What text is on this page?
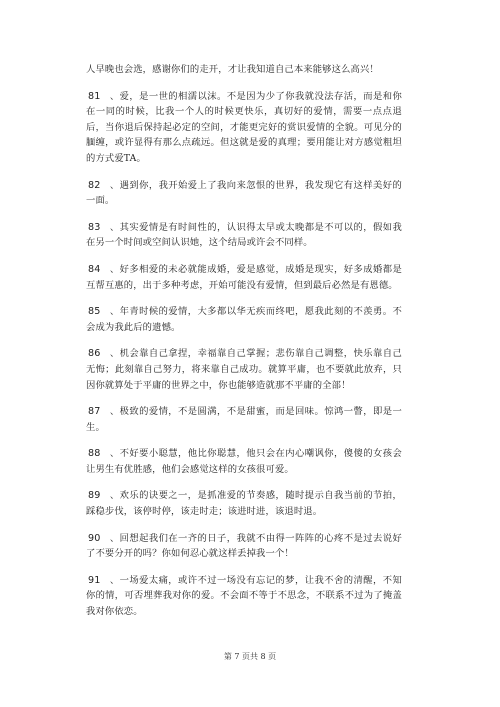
人早晚也会选，感谢你们的走开，才让我知道自己本来能够这么高兴！

81 、爱，是一世的相濡以沫。不是因为少了你我就没法存活，而是和你在一同的时候，比我一个人的时候更快乐，真切好的爱情，需要一点点退后，当你退后保持起必定的空间，才能更完好的赏识爱情的全貌。可见分的腼缠，或许显得有那么点疏远。但这就是爱的真理；要用能让对方感觉粗坦的方式爱TA。

82 、遇到你，我开始爱上了我向来忽恨的世界，我发现它有这样美好的一面。

83 、其实爱情是有时间性的，认识得太早或太晚都是不可以的，假如我在另一个时间或空间认识她，这个结局或许会不同样。

84 、好多相爱的未必就能成婚，爱是感觉，成婚是现实，好多成婚都是互帮互惠的，出于多种考虑，开始可能没有爱情，但到最后必然是有恩德。

85 、年青时候的爱情，大多都以华无疾而终吧，愿我此刻的不羡勇。不会成为我此后的遗憾。

86 、机会靠自己拿捏，幸福靠自己掌握；悲伤靠自己调整，快乐靠自己无悔；此刻靠自己努力，将来靠自己成功。就算平庸，也不要就此放弃，只因你就算处于平庸的世界之中，你也能够造就那不平庸的全部！

87 、极致的爱情，不是圆满，不是甜蜜，而是回味。惊鸿一瞥，即是一生。

88 、不好要小聪慧，他比你聪慧，他只会在内心嘲讽你，傻傻的女孩会让男生有优胜感，他们会感觉这样的女孩很可爱。

89 、欢乐的诀要之一，是抓准爱的节奏感，随时提示自我当前的节拍，踩稳步伐，该停时停，该走时走；该进时进，该退时退。

90 、回想起我们在一齐的日子，我就不由得一阵阵的心疼不是过去说好了不要分开的吗？你如何忍心就这样丢掉我一个！

91 、一场爱太痛，或许不过一场没有忘记的梦，让我不舍的清醒，不知你的情，可否埋葬我对你的爱。不会面不等于不思念，不联系不过为了掩盖我对你依恋。

第 7 页共 8 页
